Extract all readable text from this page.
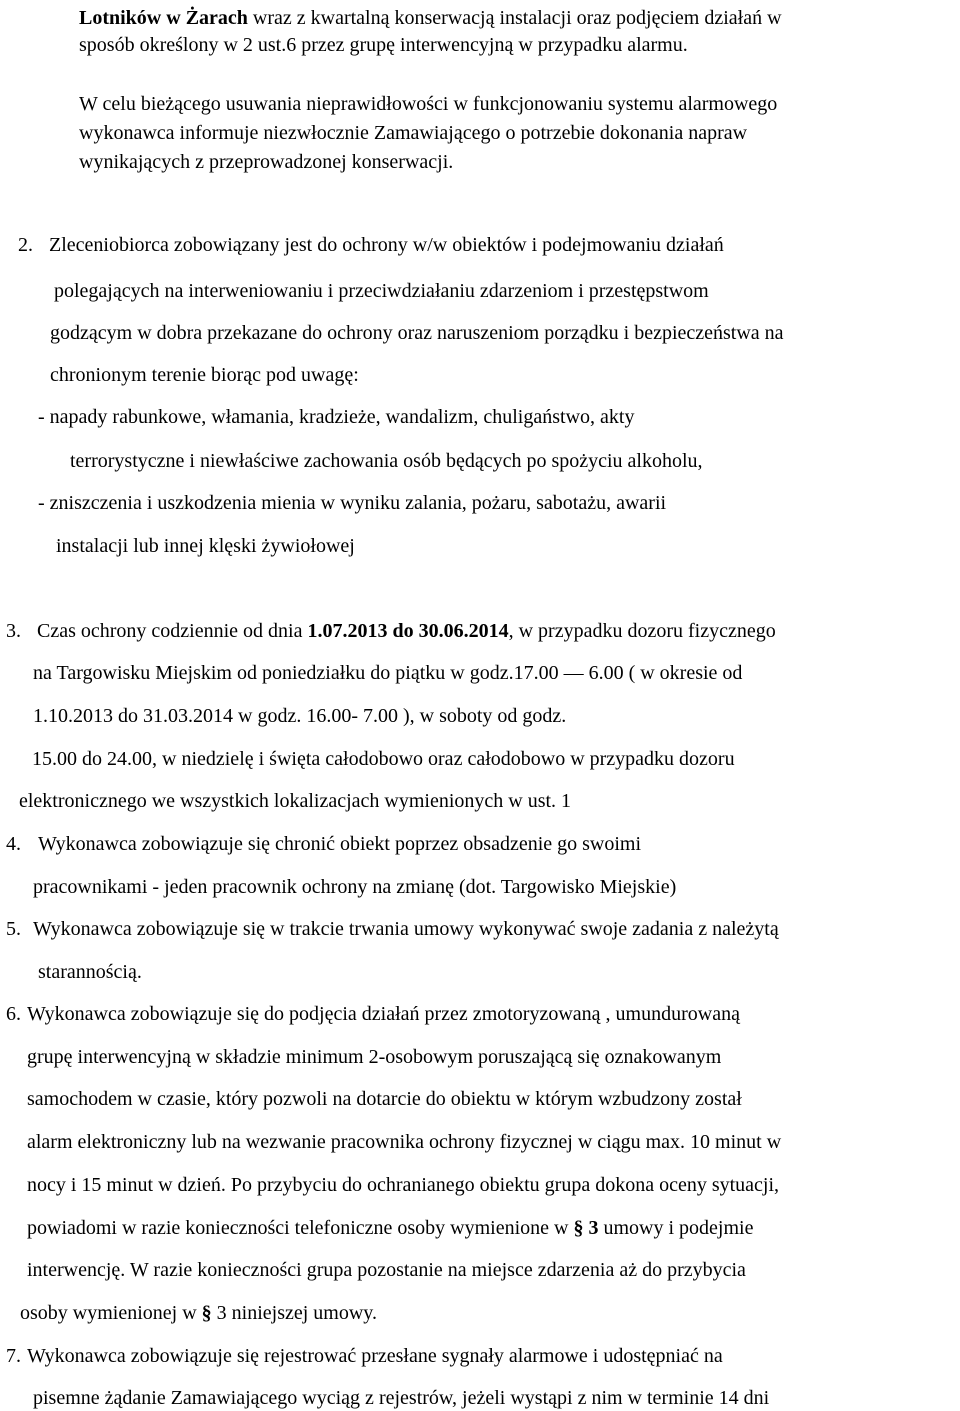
Lotników w Żarach wraz z kwartalną konserwacją instalacji oraz podjęciem działań w
sposób określony w 2 ust.6 przez grupę interwencyjną w przypadku alarmu.
W celu bieżącego usuwania nieprawidłowości w funkcjonowaniu systemu alarmowego
wykonawca informuje niezwłocznie Zamawiającego o potrzebie dokonania napraw
wynikających z przeprowadzonej konserwacji.
2. Zleceniobiorca zobowiązany jest do ochrony w/w obiektów i podejmowaniu działań
polegających na interweniowaniu i przeciwdziałaniu zdarzeniom i przestępstwom
godzącym w dobra przekazane do ochrony oraz naruszeniom porządku i bezpieczeństwa na
chronionym terenie biorąc pod uwagę:
- napady rabunkowe, włamania, kradzieże, wandalizm, chuligaństwo, akty
terrorystyczne i niewłaściwe zachowania osób będących po spożyciu alkoholu,
- zniszczenia i uszkodzenia mienia w wyniku zalania, pożaru, sabotażu, awarii
instalacji lub innej klęski żywiołowej
3. Czas ochrony codziennie od dnia 1.07.2013 do 30.06.2014, w przypadku dozoru fizycznego
na Targowisku Miejskim od poniedziałku do piątku w godz.17.00 — 6.00 ( w okresie od
1.10.2013 do 31.03.2014 w godz. 16.00- 7.00 ), w soboty od godz.
15.00 do 24.00, w niedzielę i święta całodobowo oraz całodobowo w przypadku dozoru
elektronicznego we wszystkich lokalizacjach wymienionych w ust. 1
4. Wykonawca zobowiązuje się chronić obiekt poprzez obsadzenie go swoimi
pracownikami - jeden pracownik ochrony na zmianę (dot. Targowisko Miejskie)
5. Wykonawca zobowiązuje się w trakcie trwania umowy wykonywać swoje zadania z należytą
starannością.
6. Wykonawca zobowiązuje się do podjęcia działań przez zmotoryzowaną , umundurowaną
grupę interwencyjną w składzie minimum 2-osobowym poruszającą się oznakowanym
samochodem w czasie, który pozwoli na dotarcie do obiektu w którym wzbudzony został
alarm elektroniczny lub na wezwanie pracownika ochrony fizycznej w ciągu max. 10 minut w
nocy i 15 minut w dzień. Po przybyciu do ochranianego obiektu grupa dokona oceny sytuacji,
powiadomi w razie konieczności telefoniczne osoby wymienione w § 3 umowy i podejmie
interwencję. W razie konieczności grupa pozostanie na miejsce zdarzenia aż do przybycia
osoby wymienionej w § 3 niniejszej umowy.
7. Wykonawca zobowiązuje się rejestrować przesłane sygnały alarmowe i udostępniać na
pisemne żądanie Zamawiającego wyciąg z rejestrów, jeżeli wystąpi z nim w terminie 14 dni
